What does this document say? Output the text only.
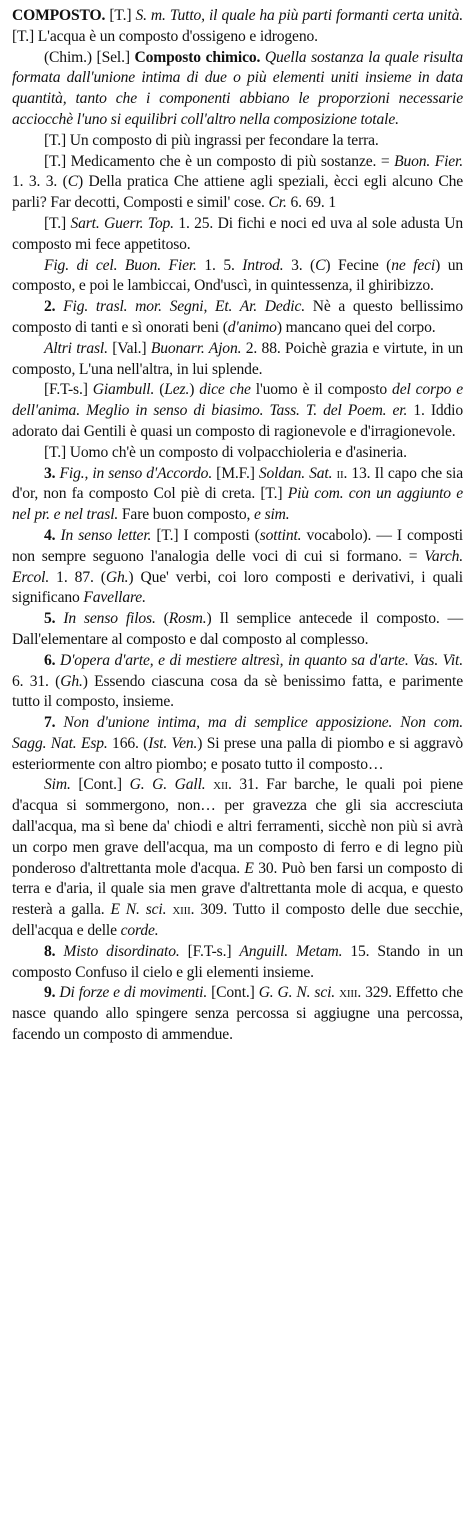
COMPOSTO. [T.] S. m. Tutto, il quale ha più parti formanti certa unità. [T.] L'acqua è un composto d'ossigeno e idrogeno.

(Chim.) [Sel.] Composto chimico. Quella sostanza la quale risulta formata dall'unione intima di due o più elementi uniti insieme in data quantità, tanto che i componenti abbiano le proporzioni necessarie acciocchè l'uno si equilibri coll'altro nella composizione totale.

[T.] Un composto di più ingrassi per fecondare la terra.

[T.] Medicamento che è un composto di più sostanze. = Buon. Fier. 1. 3. 3. (C) Della pratica Che attiene agli speziali, ècci egli alcuno Che parli? Far decotti, Composti e simil' cose. Cr. 6. 69. 1

[T.] Sart. Guerr. Top. 1. 25. Di fichi e noci ed uva al sole adusta Un composto mi fece appetitoso.

Fig. di cel. Buon. Fier. 1. 5. Introd. 3. (C) Fecine (ne feci) un composto, e poi le lambiccai, Ond'uscì, in quintessenza, il ghiribizzo.

2. Fig. trasl. mor. Segni, Et. Ar. Dedic. Nè a questo bellissimo composto di tanti e sì onorati beni (d'animo) mancano quei del corpo.

Altri trasl. [Val.] Buonarr. Ajon. 2. 88. Poichè grazia e virtute, in un composto, L'una nell'altra, in lui splende.

[F.T-s.] Giambull. (Lez.) dice che l'uomo è il composto del corpo e dell'anima. Meglio in senso di biasimo. Tass. T. del Poem. er. 1. Iddio adorato dai Gentili è quasi un composto di ragionevole e d'irragionevole.

[T.] Uomo ch'è un composto di volpacchioleria e d'asineria.

3. Fig., in senso d'Accordo. [M.F.] Soldan. Sat. ii. 13. Il capo che sia d'or, non fa composto Col piè di creta. [T.] Più com. con un aggiunto e nel pr. e nel trasl. Fare buon composto, e sim.

4. In senso letter. [T.] I composti (sottint. vocabolo). — I composti non sempre seguono l'analogia delle voci di cui si formano. = Varch. Ercol. 1. 87. (Gh.) Que' verbi, coi loro composti e derivativi, i quali significano Favellare.

5. In senso filos. (Rosm.) Il semplice antecede il composto. — Dall'elementare al composto e dal composto al complesso.

6. D'opera d'arte, e di mestiere altresì, in quanto sa d'arte. Vas. Vit. 6. 31. (Gh.) Essendo ciascuna cosa da sè benissimo fatta, e parimente tutto il composto, insieme.

7. Non d'unione intima, ma di semplice apposizione. Non com. Sagg. Nat. Esp. 166. (Ist. Ven.) Si prese una palla di piombo e si aggravò esteriormente con altro piombo; e posato tutto il composto…

Sim. [Cont.] G. G. Gall. xii. 31. Far barche, le quali poi piene d'acqua si sommergono, non… per gravezza che gli sia accresciuta dall'acqua, ma sì bene da' chiodi e altri ferramenti, sicchè non più si avrà un corpo men grave dell'acqua, ma un composto di ferro e di legno più ponderoso d'altrettanta mole d'acqua. E 30. Può ben farsi un composto di terra e d'aria, il quale sia men grave d'altrettanta mole di acqua, e questo resterà a galla. E N. sci. xiii. 309. Tutto il composto delle due secchie, dell'acqua e delle corde.

8. Misto disordinato. [F.T-s.] Anguill. Metam. 15. Stando in un composto Confuso il cielo e gli elementi insieme.

9. Di forze e di movimenti. [Cont.] G. G. N. sci. xiii. 329. Effetto che nasce quando allo spingere senza percossa si aggiugne una percossa, facendo un composto di ammendue.
